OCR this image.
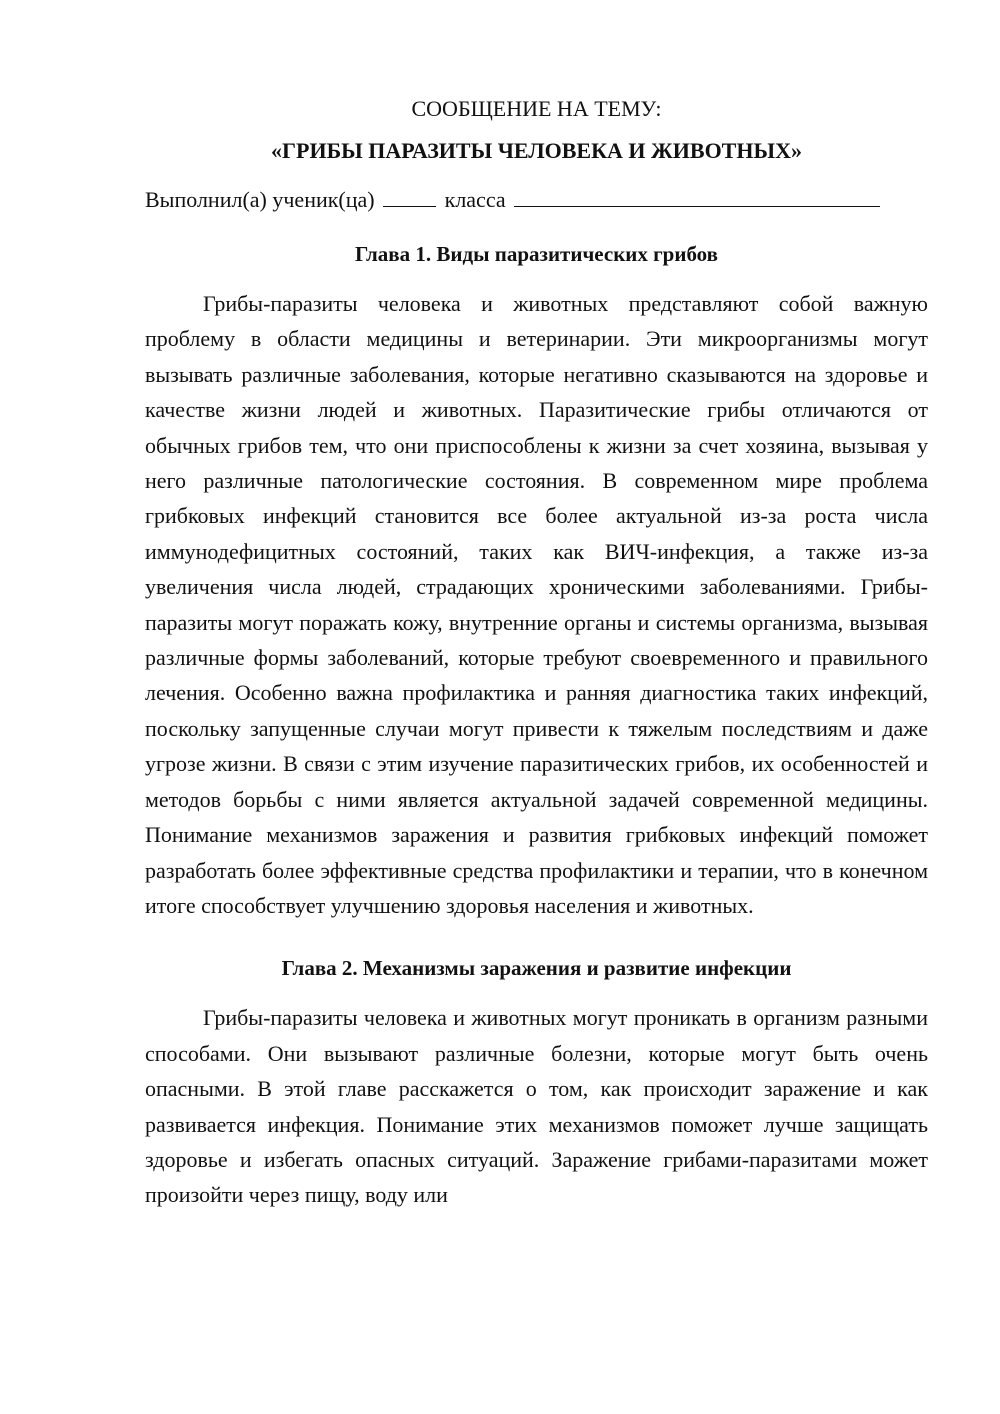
СООБЩЕНИЕ НА ТЕМУ:

«ГРИБЫ ПАРАЗИТЫ ЧЕЛОВЕКА И ЖИВОТНЫХ»

Выполнил(а) ученик(ца)	класса
Глава 1. Виды паразитических грибов

Грибы-паразиты человека и животных представляют собой важную проблему в области медицины и ветеринарии. Эти микроорганизмы могут вызывать различные заболевания, которые негативно сказываются на здоровье и качестве жизни людей и животных. Паразитические грибы отличаются от обычных грибов тем, что они приспособлены к жизни за счет хозяина, вызывая у него различные патологические состояния. В современном мире проблема грибковых инфекций становится все более актуальной из-за роста числа иммунодефицитных состояний, таких как ВИЧ-инфекция, а также из-за увеличения числа людей, страдающих хроническими заболеваниями. Грибы-паразиты могут поражать кожу, внутренние органы и системы организма, вызывая различные формы заболеваний, которые требуют своевременного и правильного лечения. Особенно важна профилактика и ранняя диагностика таких инфекций, поскольку запущенные случаи могут привести к тяжелым последствиям и даже угрозе жизни. В связи с этим изучение паразитических грибов, их особенностей и методов борьбы с ними является актуальной задачей современной медицины. Понимание механизмов заражения и развития грибковых инфекций поможет разработать более эффективные средства профилактики и терапии, что в конечном итоге способствует улучшению здоровья населения и животных.

Глава 2. Механизмы заражения и развитие инфекции

Грибы-паразиты человека и животных могут проникать в организм разными способами. Они вызывают различные болезни, которые могут быть очень опасными. В этой главе расскажется о том, как происходит заражение и как развивается инфекция. Понимание этих механизмов поможет лучше защищать здоровье и избегать опасных ситуаций. Заражение грибами-паразитами может произойти через пищу, воду или
